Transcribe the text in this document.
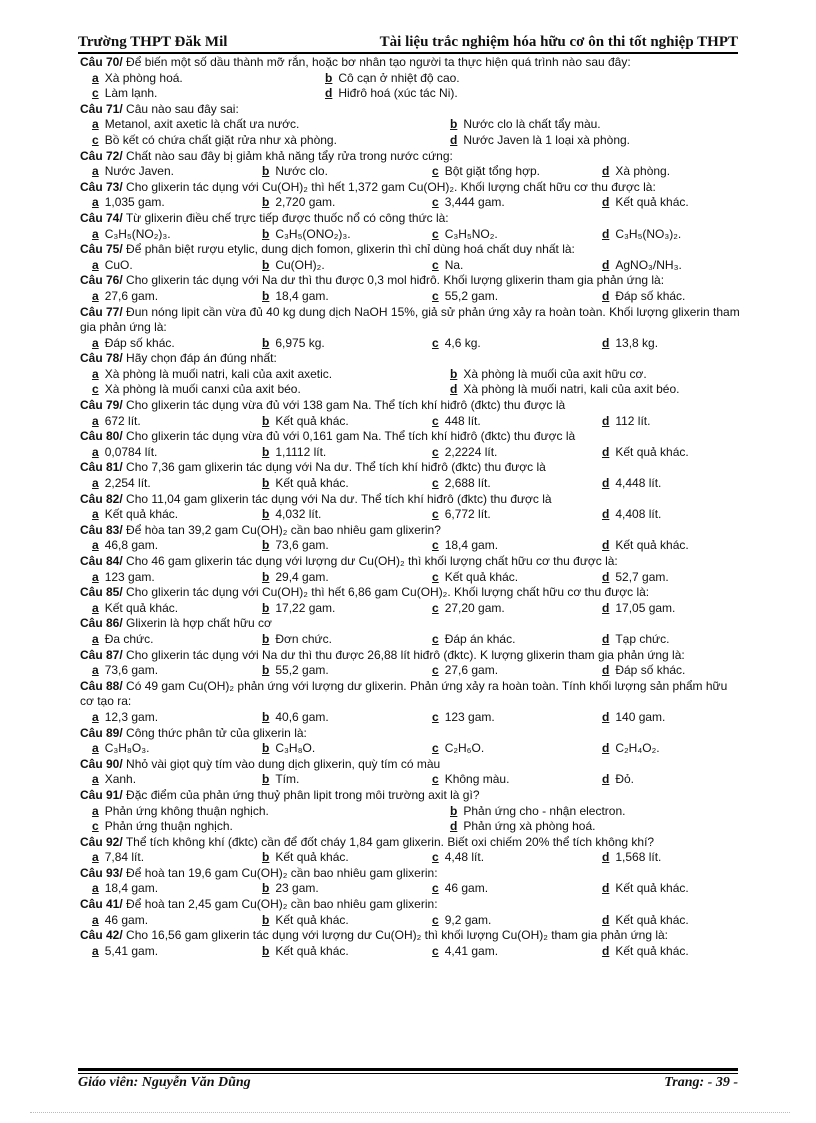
Trường THPT Đăk Mil	Tài liệu trắc nghiệm hóa hữu cơ ôn thi tốt nghiệp THPT
Câu 70/ Để biến một số dầu thành mỡ rắn, hoặc bơ nhân tạo người ta thực hiện quá trình nào sau đây:
a Xà phòng hoá.	b Cô cạn ở nhiệt độ cao.
c Làm lạnh.	d Hiđrô hoá (xúc tác Ni).
Câu 71/ Câu nào sau đây sai:
a Metanol, axit axetic là chất ưa nước.	b Nước clo là chất tẩy màu.
c Bồ kết có chứa chất giặt rửa như xà phòng.	d Nước Javen là 1 loại xà phòng.
Câu 72/ Chất nào sau đây bị giảm khả năng tẩy rửa trong nước cứng:
a Nước Javen.	b Nước clo.	c Bột giặt tổng hợp.	d Xà phòng.
Câu 73/ Cho glixerin tác dụng với Cu(OH)₂ thì hết 1,372 gam Cu(OH)₂. Khối lượng chất hữu cơ thu được là:
a 1,035 gam.	b 2,720 gam.	c 3,444 gam.	d Kết quả khác.
Câu 74/ Từ glixerin điều chế trực tiếp được thuốc nổ có công thức là:
a C₃H₅(NO₂)₃.	b C₃H₅(ONO₂)₃.	c C₃H₅NO₂.	d C₃H₅(NO₃)₂.
Câu 75/ Để phân biệt rượu etylic, dung dịch fomon, glixerin thì chỉ dùng hoá chất duy nhất là:
a CuO.	b Cu(OH)₂.	c Na.	d AgNO₃/NH₃.
Câu 76/ Cho glixerin tác dụng với Na dư thì thu được 0,3 mol hiđrô. Khối lượng glixerin tham gia phản ứng là:
a 27,6 gam.	b 18,4 gam.	c 55,2 gam.	d Đáp số khác.
Câu 77/ Đun nóng lipit cần vừa đủ 40 kg dung dịch NaOH 15%, giả sử phản ứng xảy ra hoàn toàn. Khối lượng glixerin tham gia phản ứng là:
a Đáp số khác.	b 6,975 kg.	c 4,6 kg.	d 13,8 kg.
Câu 78/ Hãy chọn đáp án đúng nhất:
a Xà phòng là muối natri, kali của axit axetic.	b Xà phòng là muối của axit hữu cơ.
c Xà phòng là muối canxi của axit béo.	d Xà phòng là muối natri, kali của axit béo.
Câu 79/ Cho glixerin tác dụng vừa đủ với 138 gam Na. Thể tích khí hiđrô (đktc) thu được là
a 672 lít.	b Kết quả khác.	c 448 lít.	d 112 lít.
Câu 80/ Cho glixerin tác dụng vừa đủ với 0,161 gam Na. Thể tích khí hiđrô (đktc) thu được là
a 0,0784 lít.	b 1,1112 lít.	c 2,2224 lít.	d Kết quả khác.
Câu 81/ Cho 7,36 gam glixerin tác dụng với Na dư. Thể tích khí hiđrô (đktc) thu được là
a 2,254 lít.	b Kết quả khác.	c 2,688 lít.	d 4,448 lít.
Câu 82/ Cho 11,04 gam glixerin tác dụng với Na dư. Thể tích khí hiđrô (đktc) thu được là
a Kết quả khác.	b 4,032 lít.	c 6,772 lít.	d 4,408 lít.
Câu 83/ Để hòa tan 39,2 gam Cu(OH)₂ cần bao nhiêu gam glixerin?
a 46,8 gam.	b 73,6 gam.	c 18,4 gam.	d Kết quả khác.
Câu 84/ Cho 46 gam glixerin tác dụng với lượng dư Cu(OH)₂ thì khối lượng chất hữu cơ thu được là:
a 123 gam.	b 29,4 gam.	c Kết quả khác.	d 52,7 gam.
Câu 85/ Cho glixerin tác dụng với Cu(OH)₂ thì hết 6,86 gam Cu(OH)₂. Khối lượng chất hữu cơ thu được là:
a Kết quả khác.	b 17,22 gam.	c 27,20 gam.	d 17,05 gam.
Câu 86/ Glixerin là hợp chất hữu cơ
a Đa chức.	b Đơn chức.	c Đáp án khác.	d Tạp chức.
Câu 87/ Cho glixerin tác dụng với Na dư thì thu được 26,88 lít hiđrô (đktc). K lượng glixerin tham gia phản ứng là:
a 73,6 gam.	b 55,2 gam.	c 27,6 gam.	d Đáp số khác.
Câu 88/ Có 49 gam Cu(OH)₂ phản ứng với lượng dư glixerin. Phản ứng xảy ra hoàn toàn. Tính khối lượng sản phẩm hữu cơ tạo ra:
a 12,3 gam.	b 40,6 gam.	c 123 gam.	d 140 gam.
Câu 89/ Công thức phân tử của glixerin là:
a C₃H₈O₃.	b C₃H₈O.	c C₂H₆O.	d C₂H₄O₂.
Câu 90/ Nhỏ vài giọt quỳ tím vào dung dịch glixerin, quỳ tím có màu
a Xanh.	b Tím.	c Không màu.	d Đỏ.
Câu 91/ Đặc điểm của phản ứng thuỷ phân lipit trong môi trường axit là gì?
a Phản ứng không thuận nghịch.	b Phản ứng cho - nhận electron.
c Phản ứng thuận nghịch.	d Phản ứng xà phòng hoá.
Câu 92/ Thể tích không khí (đktc) cần để đốt cháy 1,84 gam glixerin. Biết oxi chiếm 20% thể tích không khí?
a 7,84 lít.	b Kết quả khác.	c 4,48 lít.	d 1,568 lít.
Câu 93/ Để hoà tan 19,6 gam Cu(OH)₂ cần bao nhiêu gam glixerin:
a 18,4 gam.	b 23 gam.	c 46 gam.	d Kết quả khác.
Câu 41/ Để hoà tan 2,45 gam Cu(OH)₂ cần bao nhiêu gam glixerin:
a 46 gam.	b Kết quả khác.	c 9,2 gam.	d Kết quả khác.
Câu 42/ Cho 16,56 gam glixerin tác dụng với lượng dư Cu(OH)₂ thì khối lượng Cu(OH)₂ tham gia phản ứng là:
a 5,41 gam.	b Kết quả khác.	c 4,41 gam.	d Kết quả khác.
Giáo viên: Nguyễn Văn Dũng	Trang: - 39 -
